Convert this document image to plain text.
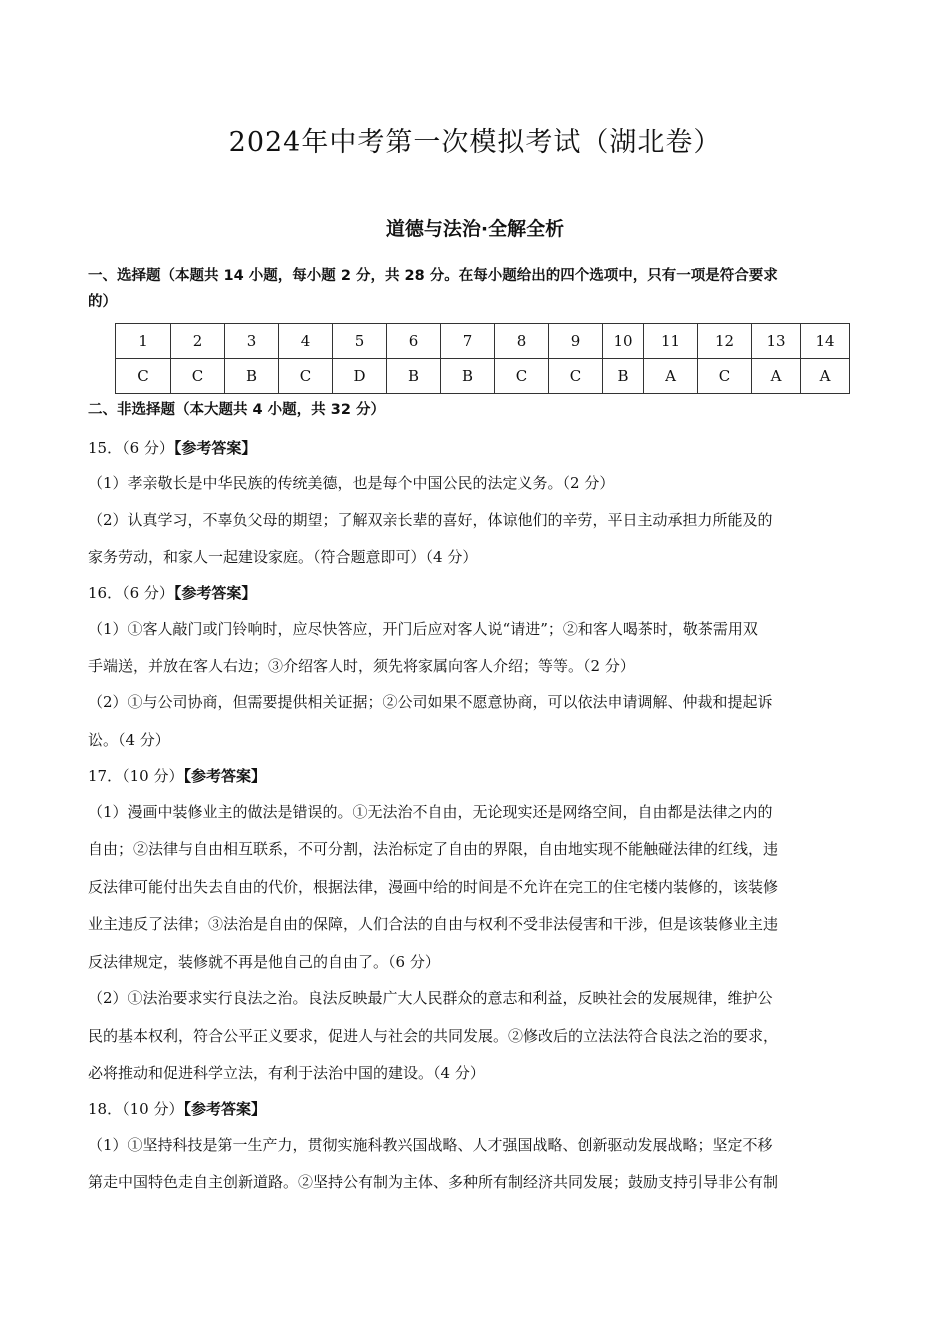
2024年中考第一次模拟考试（湖北卷）
道德与法治·全解全析
一、选择题（本题共 14 小题，每小题 2 分，共 28 分。在每小题给出的四个选项中，只有一项是符合要求
的）
1	2	3	4	5	6	7	8	9	10	11	12	13	14
C	C	B	C	D	B	B	C	C	B	A	C	A	A
二、非选择题（本大题共 4 小题，共 32 分）
15．（6 分）【参考答案】
（1）孝亲敬长是中华民族的传统美德，也是每个中国公民的法定义务。（2 分）
（2）认真学习，不辜负父母的期望；了解双亲长辈的喜好，体谅他们的辛劳，平日主动承担力所能及的
家务劳动，和家人一起建设家庭。（符合题意即可）（4 分）
16．（6 分）【参考答案】
（1）①客人敲门或门铃响时，应尽快答应，开门后应对客人说“请进”；②和客人喝茶时，敬茶需用双
手端送，并放在客人右边；③介绍客人时，须先将家属向客人介绍；等等。（2 分）
（2）①与公司协商，但需要提供相关证据；②公司如果不愿意协商，可以依法申请调解、仲裁和提起诉
讼。（4 分）
17．（10 分）【参考答案】
（1）漫画中装修业主的做法是错误的。①无法治不自由，无论现实还是网络空间，自由都是法律之内的
自由；②法律与自由相互联系，不可分割，法治标定了自由的界限，自由地实现不能触碰法律的红线，违
反法律可能付出失去自由的代价，根据法律，漫画中给的时间是不允许在完工的住宅楼内装修的，该装修
业主违反了法律；③法治是自由的保障，人们合法的自由与权利不受非法侵害和干涉，但是该装修业主违
反法律规定，装修就不再是他自己的自由了。（6 分）
（2）①法治要求实行良法之治。良法反映最广大人民群众的意志和利益，反映社会的发展规律，维护公
民的基本权利，符合公平正义要求，促进人与社会的共同发展。②修改后的立法法符合良法之治的要求，
必将推动和促进科学立法，有利于法治中国的建设。（4 分）
18．（10 分）【参考答案】
（1）①坚持科技是第一生产力，贯彻实施科教兴国战略、人才强国战略、创新驱动发展战略；坚定不移
第走中国特色走自主创新道路。②坚持公有制为主体、多种所有制经济共同发展；鼓励支持引导非公有制
